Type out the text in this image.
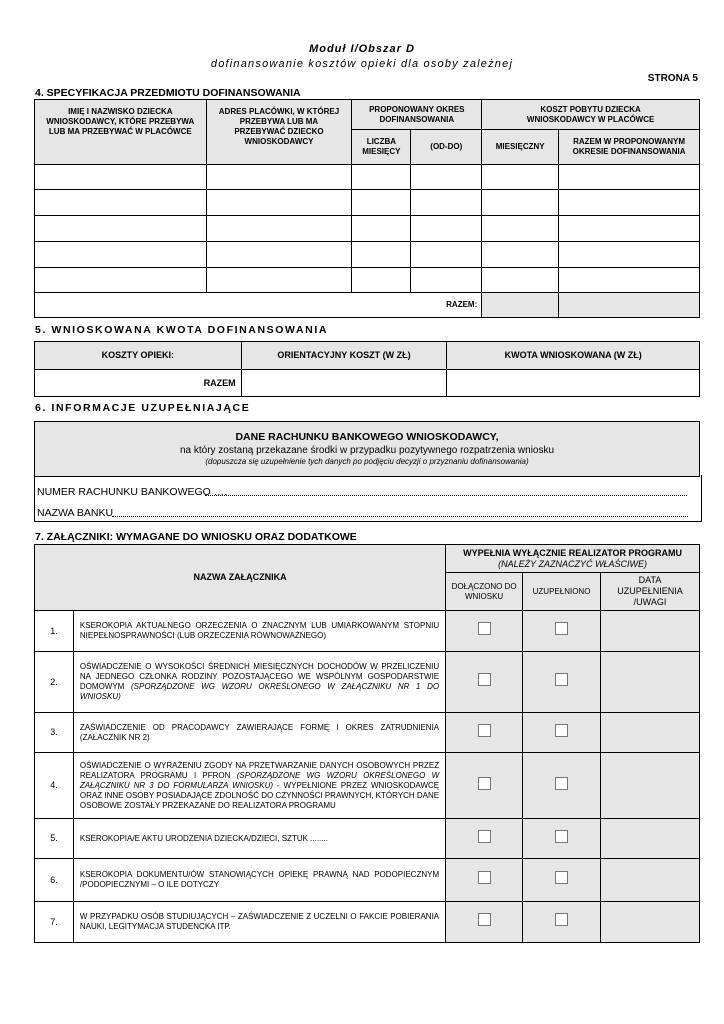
Moduł I/Obszar D
dofinansowanie kosztów opieki dla osoby zależnej
STRONA 5
4. SPECYFIKACJA PRZEDMIOTU DOFINANSOWANIA
IMIĘ I NAZWISKO DZIECKA WNIOSKODAWCY, KTÓRE PRZEBYWA LUB MA PRZEBYWAĆ W PLACÓWCE	ADRES PLACÓWKI, W KTÓREJ PRZEBYWA LUB MA PRZEBYWAĆ DZIECKO WNIOSKODAWCY	PROPONOWANY OKRES DOFINANSOWANIA		KOSZT POBYTU DZIECKA WNIOSKODAWCY W PLACÓWCE	
		LICZBA MIESIĘCY	(OD-DO)	MIESIĘCZNY	RAZEM W PROPONOWANYM OKRESIE DOFINANSOWANIA

RAZEM:					
5. WNIOSKOWANA KWOTA DOFINANSOWANIA
KOSZTY OPIEKI:	ORIENTACYJNY KOSZT (W ZŁ)	KWOTA WNIOSKOWANA (W ZŁ)
RAZEM		
6. INFORMACJE UZUPEŁNIAJĄCE
DANE RACHUNKU BANKOWEGO WNIOSKODAWCY,
na który zostaną przekazane środki w przypadku pozytywnego rozpatrzenia wniosku
(dopuszcza się uzupełnienie tych danych po podjęciu decyzji o przyznaniu dofinansowania)
NUMER RACHUNKU BANKOWEGO ….
NAZWA BANKU
7. ZAŁĄCZNIKI: WYMAGANE DO WNIOSKU ORAZ DODATKOWE
NAZWA ZAŁĄCZNIKA		WYPEŁNIA WYŁĄCZNIE REALIZATOR PROGRAMU
(NALEŻY ZAZNACZYĆ WŁAŚCIWE)		

		DOŁĄCZONO DO WNIOSKU	UZUPEŁNIONO	DATA UZUPEŁNIENIA /UWAGI
1.	KSEROKOPIA AKTUALNEGO ORZECZENIA O ZNACZNYM LUB UMIARKOWANYM STOPNIU NIEPEŁNOSPRAWNOŚCI (LUB ORZECZENIA RÓWNOWAŻNEGO)			
2.	OŚWIADCZENIE O WYSOKOŚCI ŚREDNICH MIESIĘCZNYCH DOCHODÓW W PRZELICZENIU NA JEDNEGO CZŁONKA RODZINY POZOSTAJĄCEGO WE WSPÓLNYM GOSPODARSTWIE DOMOWYM (SPORZĄDZONE WG WZORU OKREŚLONEGO W ZAŁĄCZNIKU NR 1 DO WNIOSKU)			
3.	ZAŚWIADCZENIE OD PRACODAWCY ZAWIERAJĄCE FORMĘ I OKRES ZATRUDNIENIA (ZAŁACZNIK NR 2)			
4.	OŚWIADCZENIE O WYRAŻENIU ZGODY NA PRZETWARZANIE DANYCH OSOBOWYCH PRZEZ REALIZATORA PROGRAMU I PFRON (SPORZĄDZONE WG WZORU OKREŚLONEGO W ZAŁĄCZNIKU NR 3 DO FORMULARZA WNIOSKU) - WYPEŁNIONE PRZEZ WNIOSKODAWCĘ ORAZ INNE OSOBY POSIADAJĄCE ZDOLNOŚĆ DO CZYNNOŚCI PRAWNYCH, KTÓRYCH DANE OSOBOWE ZOSTAŁY PRZEKAZANE DO REALIZATORA PROGRAMU			
5.	KSEROKOPIA/E AKTU URODZENIA DZIECKA/DZIECI, SZTUK ........			
6.	KSEROKOPIA DOKUMENTU/ÓW STANOWIĄCYCH OPIEKĘ PRAWNĄ NAD PODOPIECZNYM /PODOPIECZNYMI – O ILE DOTYCZY			
7.	W PRZYPADKU OSÓB STUDIUJĄCYCH – ZAŚWIADCZENIE Z UCZELNI O FAKCIE POBIERANIA NAUKI, LEGITYMACJA STUDENCKA ITP.			
